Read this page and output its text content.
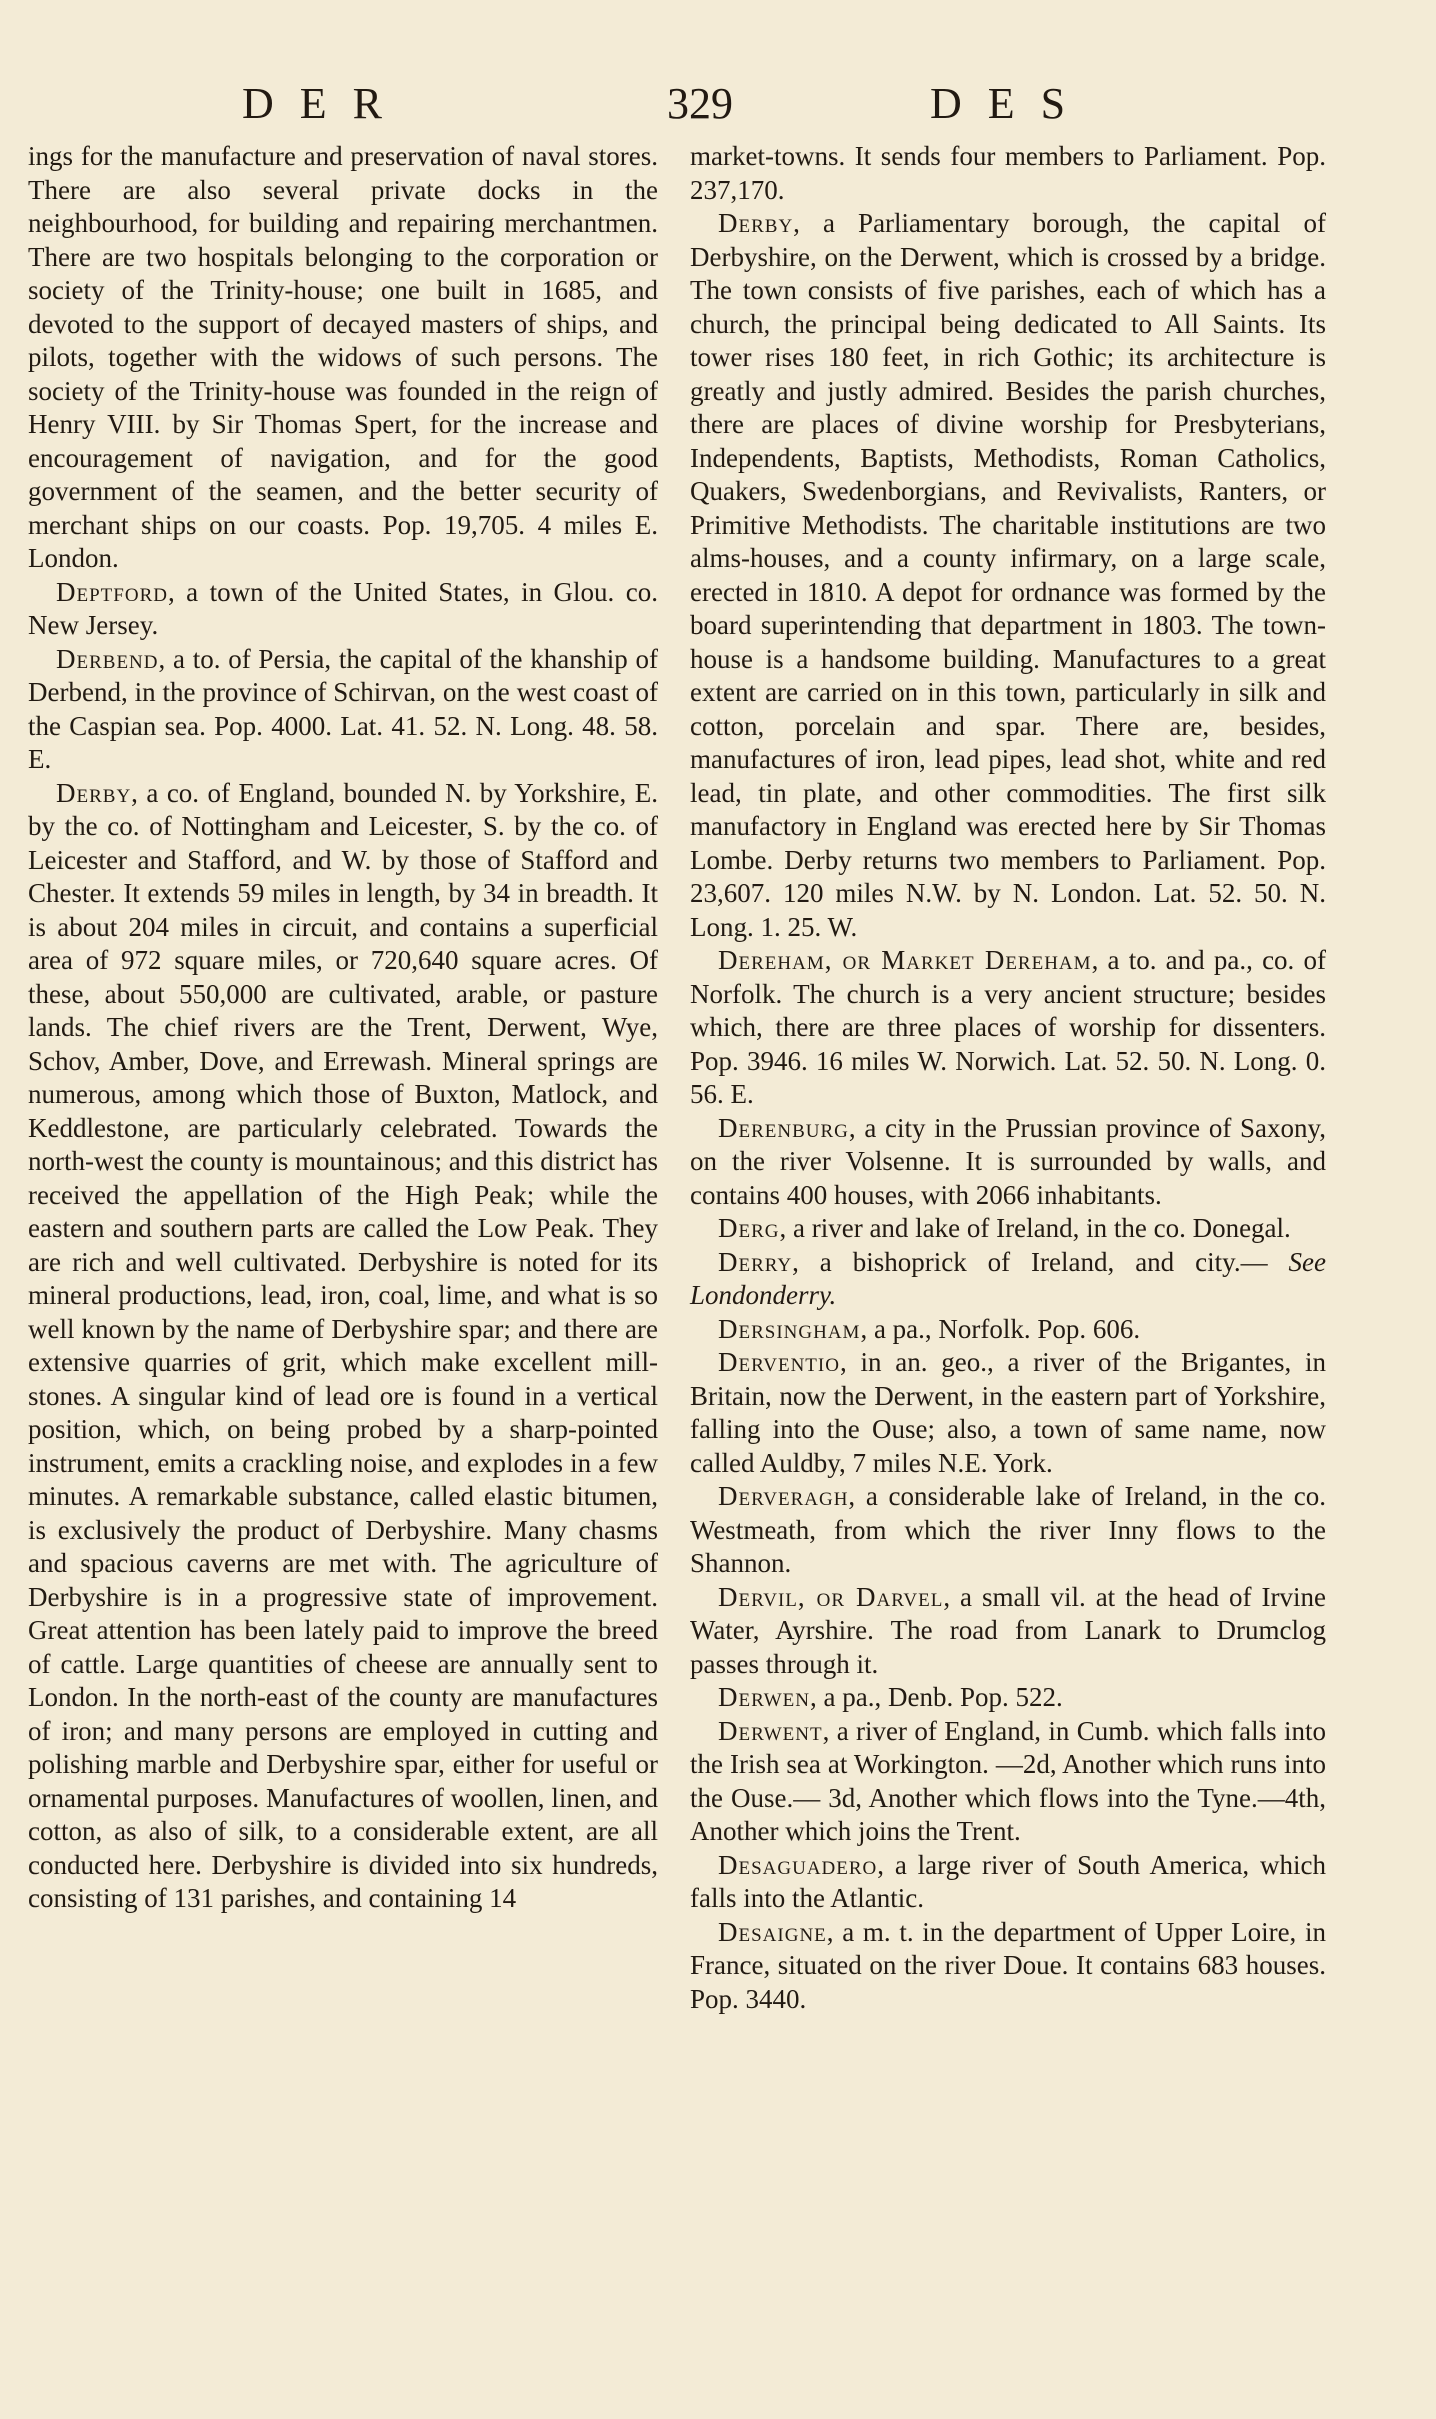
DER	329	DES

ings for the manufacture and preservation of naval stores. There are also several private docks in the neighbourhood, for building and repairing merchantmen. There are two hospitals belonging to the corporation or society of the Trinity-house; one built in 1685, and devoted to the support of decayed masters of ships, and pilots, together with the widows of such persons. The society of the Trinity-house was founded in the reign of Henry VIII. by Sir Thomas Spert, for the increase and encouragement of navigation, and for the good government of the seamen, and the better security of merchant ships on our coasts. Pop. 19,705. 4 miles E. London.

Deptford, a town of the United States, in Glou. co. New Jersey.

Derbend, a to. of Persia, the capital of the khanship of Derbend, in the province of Schirvan, on the west coast of the Caspian sea. Pop. 4000. Lat. 41. 52. N. Long. 48. 58. E.

Derby, a co. of England, bounded N. by Yorkshire, E. by the co. of Nottingham and Leicester, S. by the co. of Leicester and Stafford, and W. by those of Stafford and Chester. It extends 59 miles in length, by 34 in breadth. It is about 204 miles in circuit, and contains a superficial area of 972 square miles, or 720,640 square acres. Of these, about 550,000 are cultivated, arable, or pasture lands. The chief rivers are the Trent, Derwent, Wye, Schov, Amber, Dove, and Errewash. Mineral springs are numerous, among which those of Buxton, Matlock, and Keddlestone, are particularly celebrated. Towards the north-west the county is mountainous; and this district has received the appellation of the High Peak; while the eastern and southern parts are called the Low Peak. They are rich and well cultivated. Derbyshire is noted for its mineral productions, lead, iron, coal, lime, and what is so well known by the name of Derbyshire spar; and there are extensive quarries of grit, which make excellent mill-stones. A singular kind of lead ore is found in a vertical position, which, on being probed by a sharp-pointed instrument, emits a crackling noise, and explodes in a few minutes. A remarkable substance, called elastic bitumen, is exclusively the product of Derbyshire. Many chasms and spacious caverns are met with. The agriculture of Derbyshire is in a progressive state of improvement. Great attention has been lately paid to improve the breed of cattle. Large quantities of cheese are annually sent to London. In the north-east of the county are manufactures of iron; and many persons are employed in cutting and polishing marble and Derbyshire spar, either for useful or ornamental purposes. Manufactures of woollen, linen, and cotton, as also of silk, to a considerable extent, are all conducted here. Derbyshire is divided into six hundreds, consisting of 131 parishes, and containing 14

market-towns. It sends four members to Parliament. Pop. 237,170.

Derby, a Parliamentary borough, the capital of Derbyshire, on the Derwent, which is crossed by a bridge. The town consists of five parishes, each of which has a church, the principal being dedicated to All Saints. Its tower rises 180 feet, in rich Gothic; its architecture is greatly and justly admired. Besides the parish churches, there are places of divine worship for Presbyterians, Independents, Baptists, Methodists, Roman Catholics, Quakers, Swedenborgians, and Revivalists, Ranters, or Primitive Methodists. The charitable institutions are two alms-houses, and a county infirmary, on a large scale, erected in 1810. A depot for ordnance was formed by the board superintending that department in 1803. The town-house is a handsome building. Manufactures to a great extent are carried on in this town, particularly in silk and cotton, porcelain and spar. There are, besides, manufactures of iron, lead pipes, lead shot, white and red lead, tin plate, and other commodities. The first silk manufactory in England was erected here by Sir Thomas Lombe. Derby returns two members to Parliament. Pop. 23,607. 120 miles N.W. by N. London. Lat. 52. 50. N. Long. 1. 25. W.

Dereham, or Market Dereham, a to. and pa., co. of Norfolk. The church is a very ancient structure; besides which, there are three places of worship for dissenters. Pop. 3946. 16 miles W. Norwich. Lat. 52. 50. N. Long. 0. 56. E.

Derenburg, a city in the Prussian province of Saxony, on the river Volsenne. It is surrounded by walls, and contains 400 houses, with 2066 inhabitants.

Derg, a river and lake of Ireland, in the co. Donegal.

Derry, a bishoprick of Ireland, and city.— See Londonderry.

Dersingham, a pa., Norfolk. Pop. 606.

Derventio, in an. geo., a river of the Brigantes, in Britain, now the Derwent, in the eastern part of Yorkshire, falling into the Ouse; also, a town of same name, now called Auldby, 7 miles N.E. York.

Derveragh, a considerable lake of Ireland, in the co. Westmeath, from which the river Inny flows to the Shannon.

Dervil, or Darvel, a small vil. at the head of Irvine Water, Ayrshire. The road from Lanark to Drumclog passes through it.

Derwen, a pa., Denb. Pop. 522.

Derwent, a river of England, in Cumb. which falls into the Irish sea at Workington. —2d, Another which runs into the Ouse.— 3d, Another which flows into the Tyne.—4th, Another which joins the Trent.

Desaguadero, a large river of South America, which falls into the Atlantic.

Desaigne, a m. t. in the department of Upper Loire, in France, situated on the river Doue. It contains 683 houses. Pop. 3440.
